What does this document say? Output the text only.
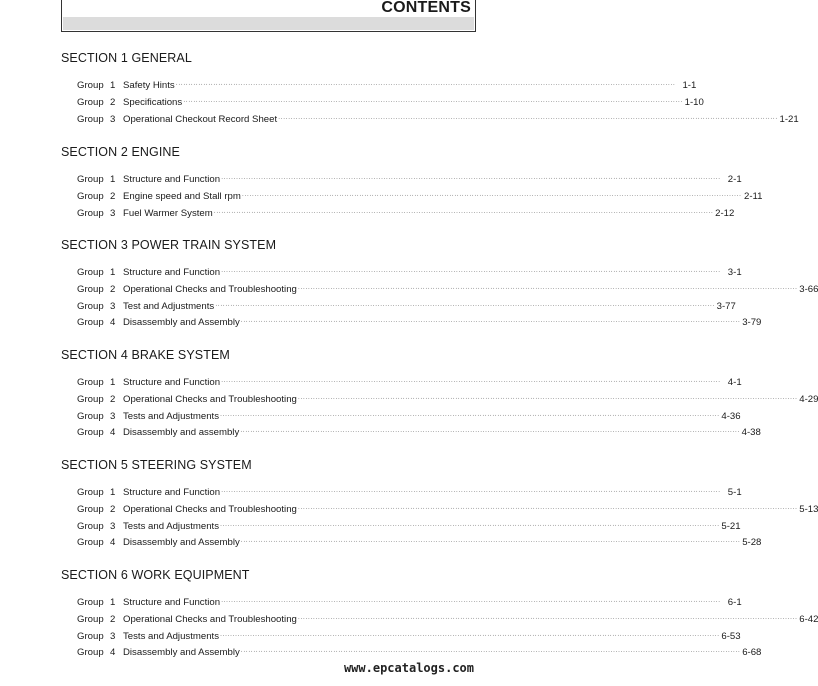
CONTENTS
SECTION 1 GENERAL
Group 1 Safety Hints ········································································································································································································ 1-1
Group 2 Specifications ········································································································································································································ 1-10
Group 3 Operational Checkout Record Sheet ········································································································································································································ 1-21
SECTION 2 ENGINE
Group 1 Structure and Function ········································································································································································································ 2-1
Group 2 Engine speed and Stall rpm ········································································································································································································ 2-11
Group 3 Fuel Warmer System ········································································································································································································ 2-12
SECTION 3 POWER TRAIN SYSTEM
Group 1 Structure and Function ········································································································································································································ 3-1
Group 2 Operational Checks and Troubleshooting ········································································································································································································ 3-66
Group 3 Test and Adjustments ········································································································································································································ 3-77
Group 4 Disassembly and Assembly ········································································································································································································ 3-79
SECTION 4 BRAKE SYSTEM
Group 1 Structure and Function ········································································································································································································ 4-1
Group 2 Operational Checks and Troubleshooting ········································································································································································································ 4-29
Group 3 Tests and Adjustments ········································································································································································································ 4-36
Group 4 Disassembly and assembly ········································································································································································································ 4-38
SECTION 5 STEERING SYSTEM
Group 1 Structure and Function ········································································································································································································ 5-1
Group 2 Operational Checks and Troubleshooting ········································································································································································································ 5-13
Group 3 Tests and Adjustments ········································································································································································································ 5-21
Group 4 Disassembly and Assembly ········································································································································································································ 5-28
SECTION 6 WORK EQUIPMENT
Group 1 Structure and Function ········································································································································································································ 6-1
Group 2 Operational Checks and Troubleshooting ········································································································································································································ 6-42
Group 3 Tests and Adjustments ········································································································································································································ 6-53
Group 4 Disassembly and Assembly ········································································································································································································ 6-68
www.epcatalogs.com
